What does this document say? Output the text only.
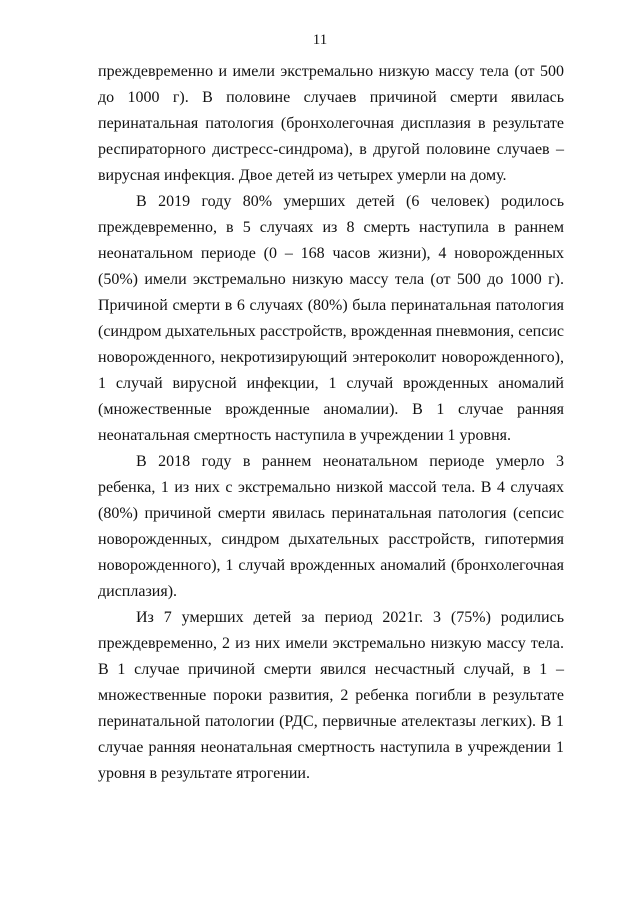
11

преждевременно и имели экстремально низкую массу тела (от 500 до 1000 г). В половине случаев причиной смерти явилась перинатальная патология (бронхолегочная дисплазия в результате респираторного дистресс-синдрома), в другой половине случаев – вирусная инфекция. Двое детей из четырех умерли на дому.

В 2019 году 80% умерших детей (6 человек) родилось преждевременно, в 5 случаях из 8 смерть наступила в раннем неонатальном периоде (0 – 168 часов жизни), 4 новорожденных (50%) имели экстремально низкую массу тела (от 500 до 1000 г). Причиной смерти в 6 случаях (80%) была перинатальная патология (синдром дыхательных расстройств, врожденная пневмония, сепсис новорожденного, некротизирующий энтероколит новорожденного), 1 случай вирусной инфекции, 1 случай врожденных аномалий (множественные врожденные аномалии). В 1 случае ранняя неонатальная смертность наступила в учреждении 1 уровня.

В 2018 году в раннем неонатальном периоде умерло 3 ребенка, 1 из них с экстремально низкой массой тела. В 4 случаях (80%) причиной смерти явилась перинатальная патология (сепсис новорожденных, синдром дыхательных расстройств, гипотермия новорожденного), 1 случай врожденных аномалий (бронхолегочная дисплазия).

Из 7 умерших детей за период 2021г. 3 (75%) родились преждевременно, 2 из них имели экстремально низкую массу тела. В 1 случае причиной смерти явился несчастный случай, в 1 – множественные пороки развития, 2 ребенка погибли в результате перинатальной патологии (РДС, первичные ателектазы легких). В 1 случае ранняя неонатальная смертность наступила в учреждении 1 уровня в результате ятрогении.
